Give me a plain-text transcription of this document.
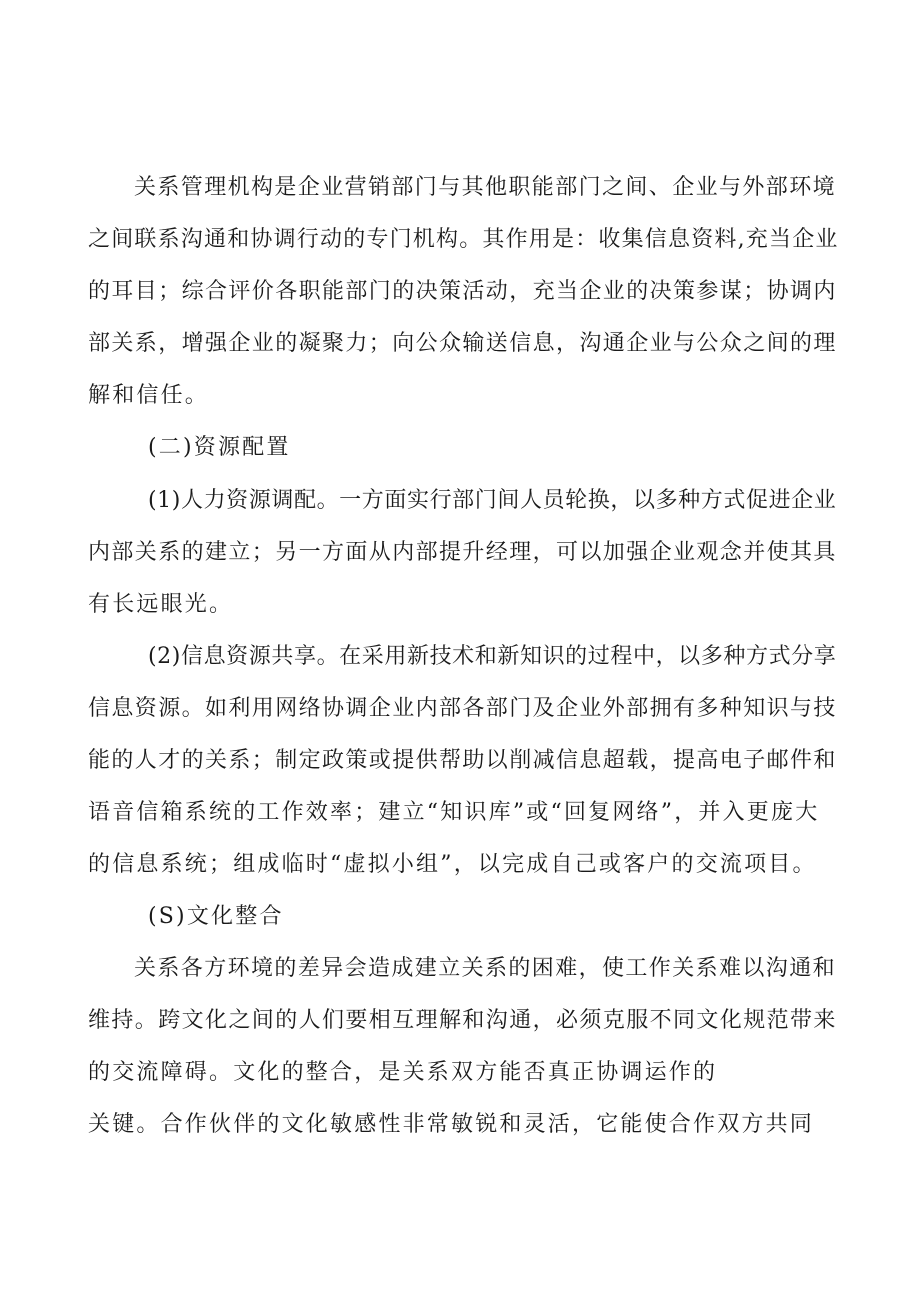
关系管理机构是企业营销部门与其他职能部门之间、企业与外部环境
之间联系沟通和协调行动的专门机构。其作用是：收集信息资料,充当企业
的耳目；综合评价各职能部门的决策活动，充当企业的决策参谋；协调内
部关系，增强企业的凝聚力；向公众输送信息，沟通企业与公众之间的理
解和信任。
(二)资源配置
(1)人力资源调配。一方面实行部门间人员轮换，以多种方式促进企业
内部关系的建立；另一方面从内部提升经理，可以加强企业观念并使其具
有长远眼光。
(2)信息资源共享。在采用新技术和新知识的过程中，以多种方式分享
信息资源。如利用网络协调企业内部各部门及企业外部拥有多种知识与技
能的人才的关系；制定政策或提供帮助以削减信息超载，提高电子邮件和
语音信箱系统的工作效率；建立“知识库”或“回复网络”，并入更庞大
的信息系统；组成临时“虚拟小组”，以完成自己或客户的交流项目。
(S)文化整合
关系各方环境的差异会造成建立关系的困难，使工作关系难以沟通和
维持。跨文化之间的人们要相互理解和沟通，必须克服不同文化规范带来
的交流障碍。文化的整合，是关系双方能否真正协调运作的
关键。合作伙伴的文化敏感性非常敏锐和灵活，它能使合作双方共同
